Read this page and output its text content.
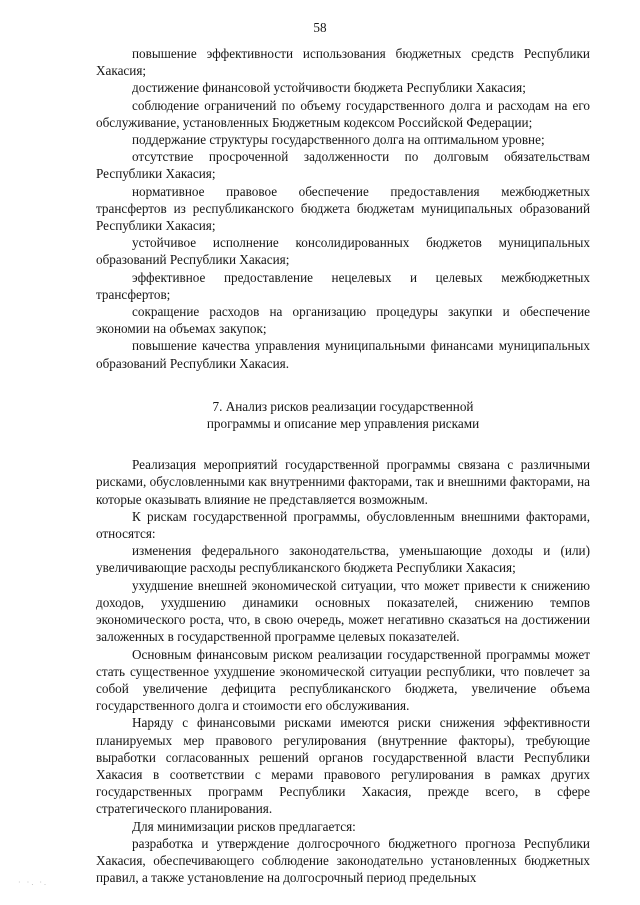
58

повышение эффективности использования бюджетных средств Республики Хакасия;

достижение финансовой устойчивости бюджета Республики Хакасия;

соблюдение ограничений по объему государственного долга и расходам на его обслуживание, установленных Бюджетным кодексом Российской Федерации;

поддержание структуры государственного долга на оптимальном уровне;

отсутствие просроченной задолженности по долговым обязательствам Республики Хакасия;

нормативное правовое обеспечение предоставления межбюджетных трансфертов из республиканского бюджета бюджетам муниципальных образований Республики Хакасия;

устойчивое исполнение консолидированных бюджетов муниципальных образований Республики Хакасия;

эффективное предоставление нецелевых и целевых межбюджетных трансфертов;

сокращение расходов на организацию процедуры закупки и обеспечение экономии на объемах закупок;

повышение качества управления муниципальными финансами муниципальных образований Республики Хакасия.

7. Анализ рисков реализации государственной
программы и описание мер управления рисками

Реализация мероприятий государственной программы связана с различными рисками, обусловленными как внутренними факторами, так и внешними факторами, на которые оказывать влияние не представляется возможным.

К рискам государственной программы, обусловленным внешними факторами, относятся:

изменения федерального законодательства, уменьшающие доходы и (или) увеличивающие расходы республиканского бюджета Республики Хакасия;

ухудшение внешней экономической ситуации, что может привести к снижению доходов, ухудшению динамики основных показателей, снижению темпов экономического роста, что, в свою очередь, может негативно сказаться на достижении заложенных в государственной программе целевых показателей.

Основным финансовым риском реализации государственной программы может стать существенное ухудшение экономической ситуации республики, что повлечет за собой увеличение дефицита республиканского бюджета, увеличение объема государственного долга и стоимости его обслуживания.

Наряду с финансовыми рисками имеются риски снижения эффективности планируемых мер правового регулирования (внутренние факторы), требующие выработки согласованных решений органов государственной власти Республики Хакасия в соответствии с мерами правового регулирования в рамках других государственных программ Республики Хакасия, прежде всего, в сфере стратегического планирования.

Для минимизации рисков предлагается:

разработка и утверждение долгосрочного бюджетного прогноза Республики Хакасия, обеспечивающего соблюдение законодательно установленных бюджетных правил, а также установление на долгосрочный период предельных

· ·. ·.
